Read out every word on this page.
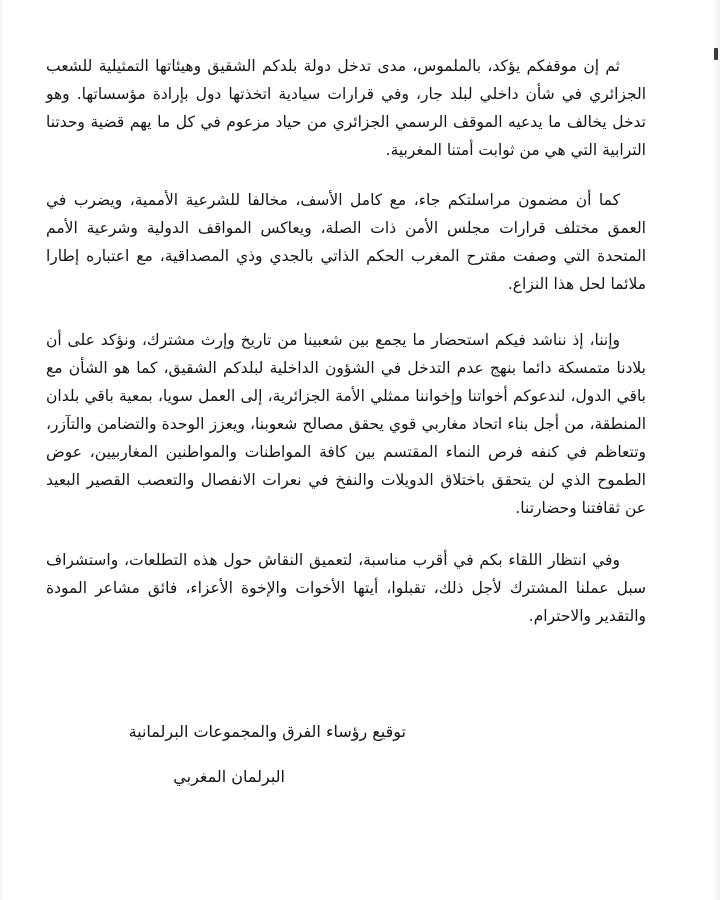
ثم إن موقفكم يؤكد، بالملموس، مدى تدخل دولة بلدكم الشقيق وهيئاتها التمثيلية للشعب الجزائري في شأن داخلي لبلد جار، وفي قرارات سيادية اتخذتها دول بإرادة مؤسساتها. وهو تدخل يخالف ما يدعيه الموقف الرسمي الجزائري من حياد مزعوم في كل ما يهم قضية وحدتنا الترابية التي هي من ثوابت أمتنا المغربية.

كما أن مضمون مراسلتكم جاء، مع كامل الأسف، مخالفا للشرعية الأممية، ويضرب في العمق مختلف قرارات مجلس الأمن ذات الصلة، ويعاكس المواقف الدولية وشرعية الأمم المتحدة التي وصفت مقترح المغرب الحكم الذاتي بالجدي وذي المصداقية، مع اعتباره إطارا ملائما لحل هذا النزاع.

وإننا، إذ نناشد فيكم استحضار ما يجمع بين شعبينا من تاريخ وإرث مشترك، ونؤكد على أن بلادنا متمسكة دائما بنهج عدم التدخل في الشؤون الداخلية لبلدكم الشقيق، كما هو الشأن مع باقي الدول، لندعوكم أخواتنا وإخواننا ممثلي الأمة الجزائرية، إلى العمل سويا، بمعية باقي بلدان المنطقة، من أجل بناء اتحاد مغاربي قوي يحقق مصالح شعوبنا، ويعزز الوحدة والتضامن والتآزر، وتتعاظم في كنفه فرص النماء المقتسم بين كافة المواطنات والمواطنين المغاربيين، عوض الطموح الذي لن يتحقق باختلاق الدويلات والنفخ في نعرات الانفصال والتعصب القصير البعيد عن ثقافتنا وحضارتنا.

وفي انتظار اللقاء بكم في أقرب مناسبة، لتعميق النقاش حول هذه التطلعات، واستشراف سبل عملنا المشترك لأجل ذلك، تقبلوا، أيتها الأخوات والإخوة الأعزاء، فائق مشاعر المودة والتقدير والاحترام.

توقيع رؤساء الفرق والمجموعات البرلمانية
البرلمان المغربي
